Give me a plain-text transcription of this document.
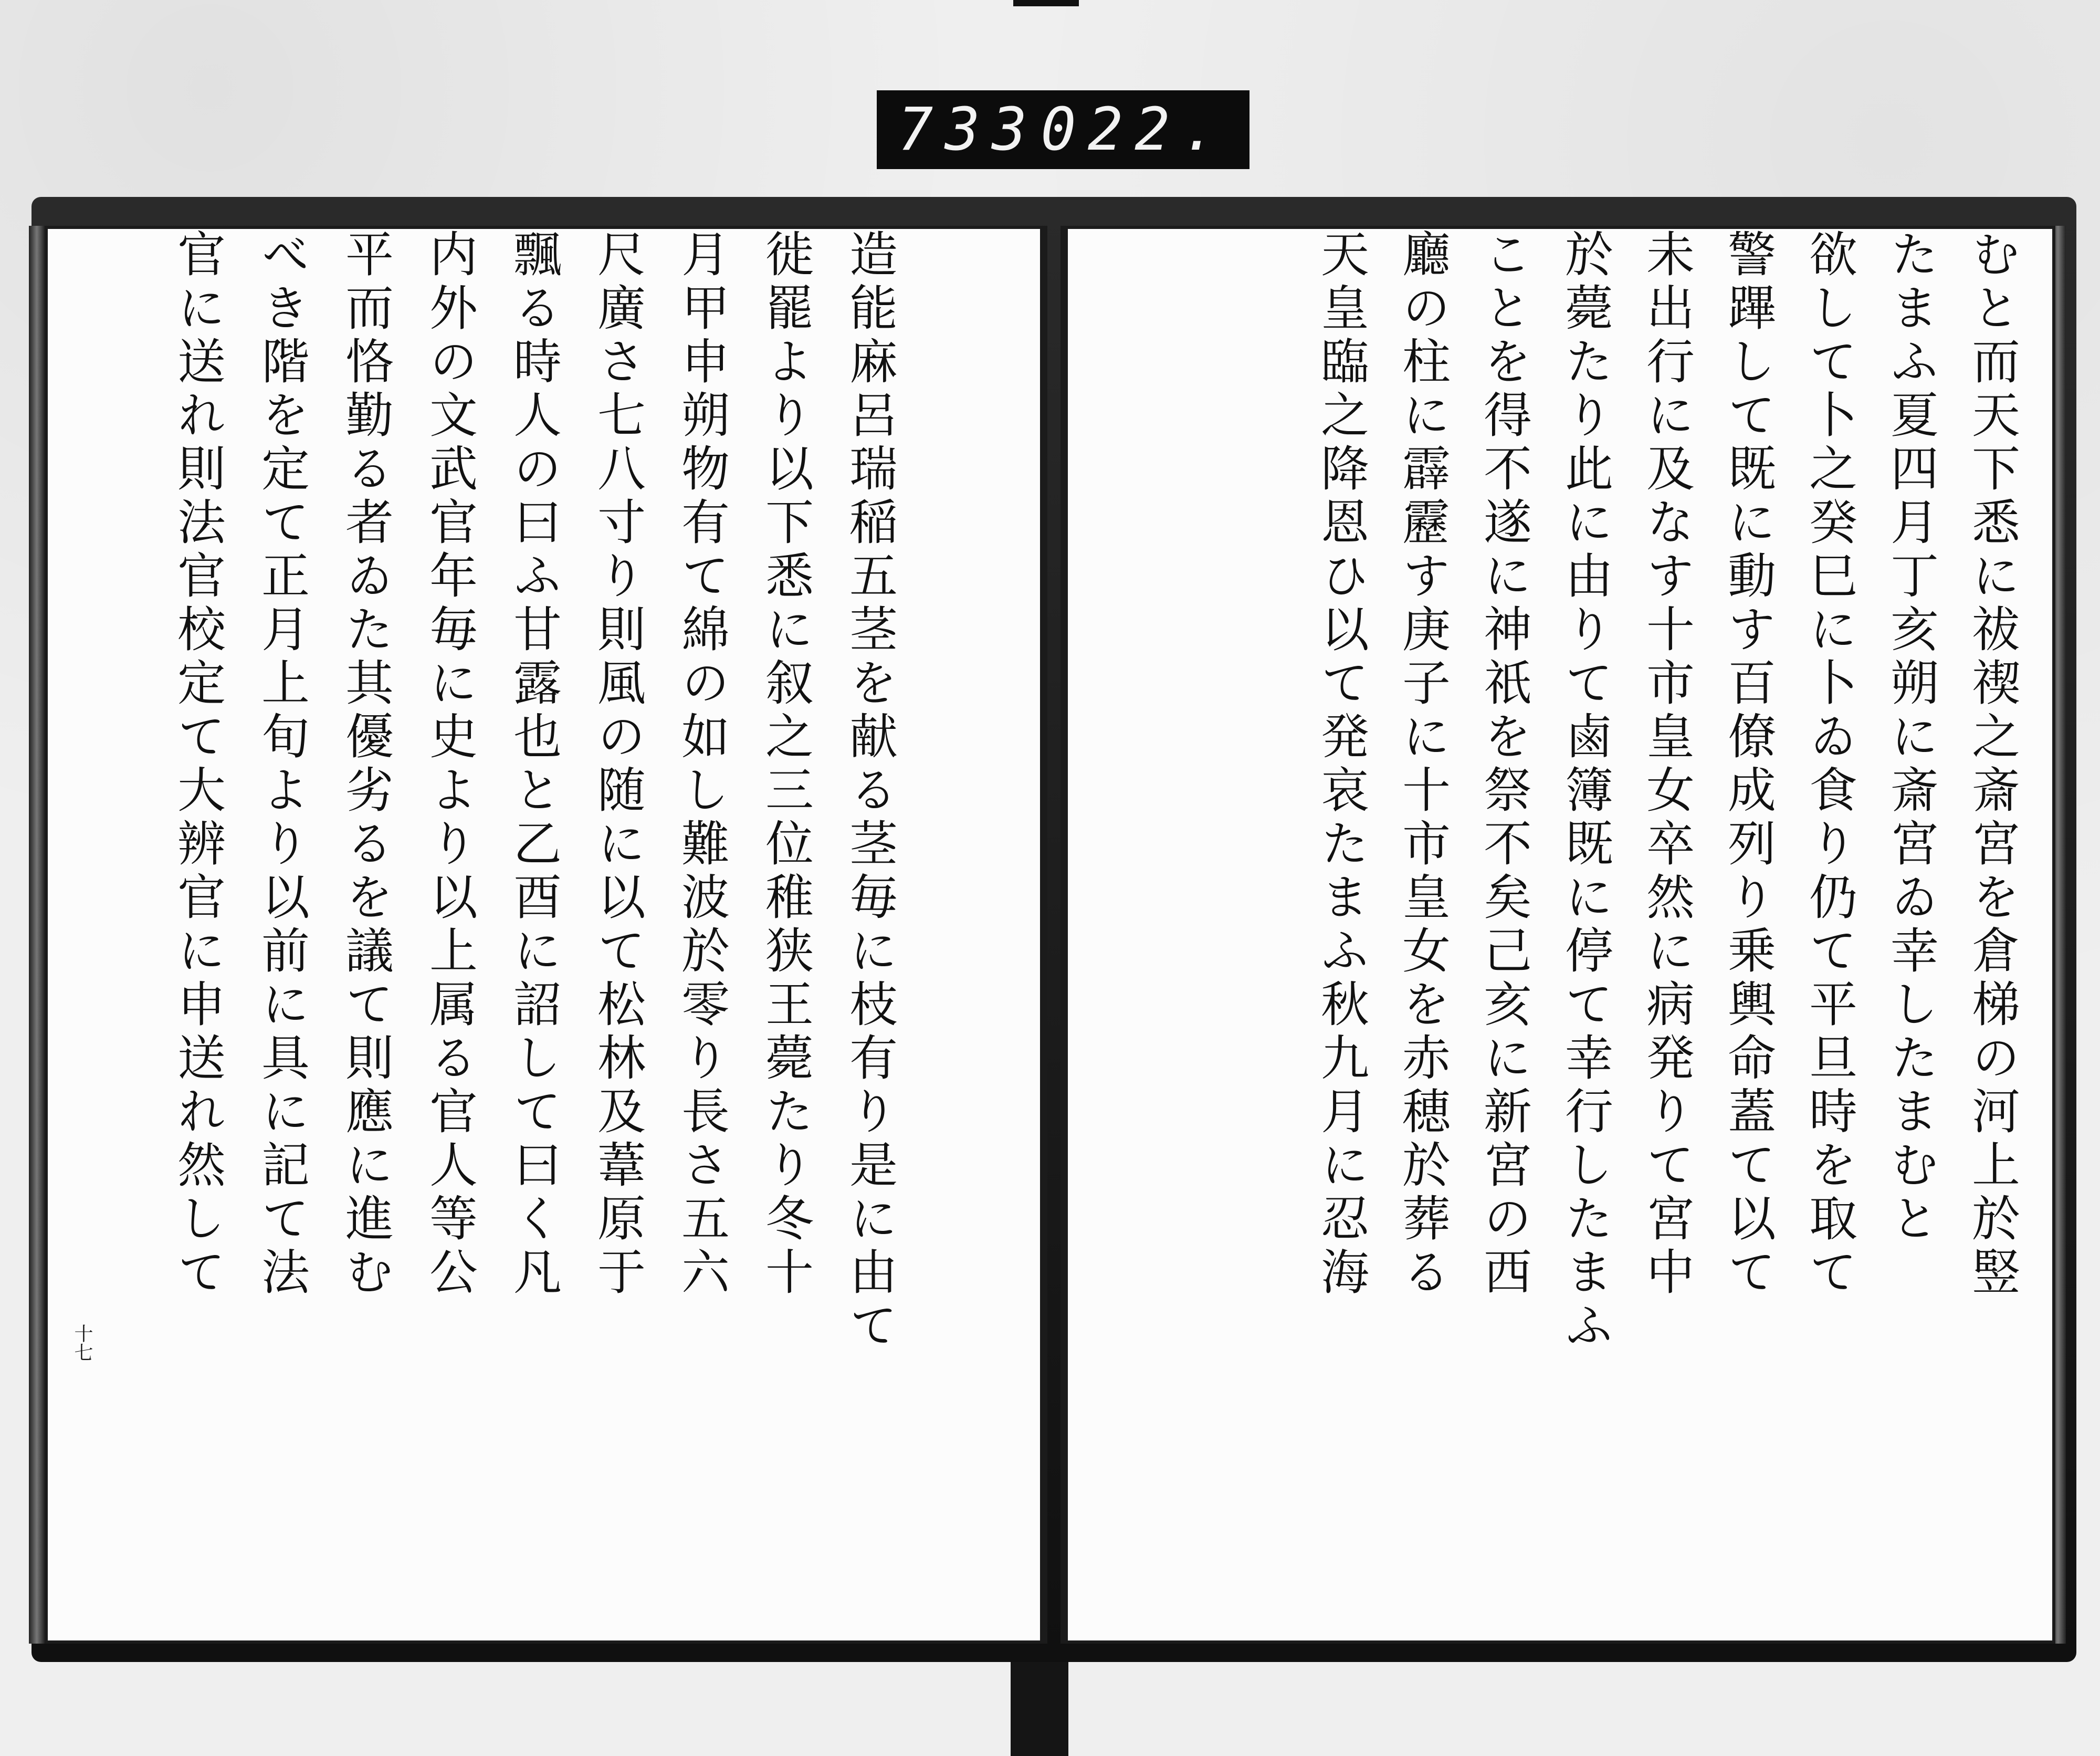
733 022.
造能麻呂瑞稲五茎を献る茎毎に枝有り是に由て
徙罷より以下悉に叙之三位稚狭王薨たり冬十
月甲申朔物有て綿の如し難波於零り長さ五六
尺廣さ七八寸り則風の随に以て松林及葦原于
飄る時人の曰ふ甘露也と乙酉に詔して曰く凡
内外の文武官年毎に史より以上属る官人等公
平而恪勤る者ゐた其優劣るを議て則應に進む
べき階を定て正月上旬より以前に具に記て法
官に送れ則法官校定て大辨官に申送れ然して
十七
むと而天下悉に祓禊之斎宮を倉梯の河上於竪
たまふ夏四月丁亥朔に斎宮ゐ幸したまむと
欲して卜之癸巳に卜ゐ食り仍て平旦時を取て
警蹕して既に動す百僚成列り乗輿命蓋て以て
未出行に及なす十市皇女卒然に病発りて宮中
於薨たり此に由りて鹵簿既に停て幸行したまふ
ことを得不遂に神祇を祭不矣己亥に新宮の西
廳の柱に霹靂す庚子に十市皇女を赤穂於葬る
天皇臨之降恩ひ以て発哀たまふ秋九月に忍海
